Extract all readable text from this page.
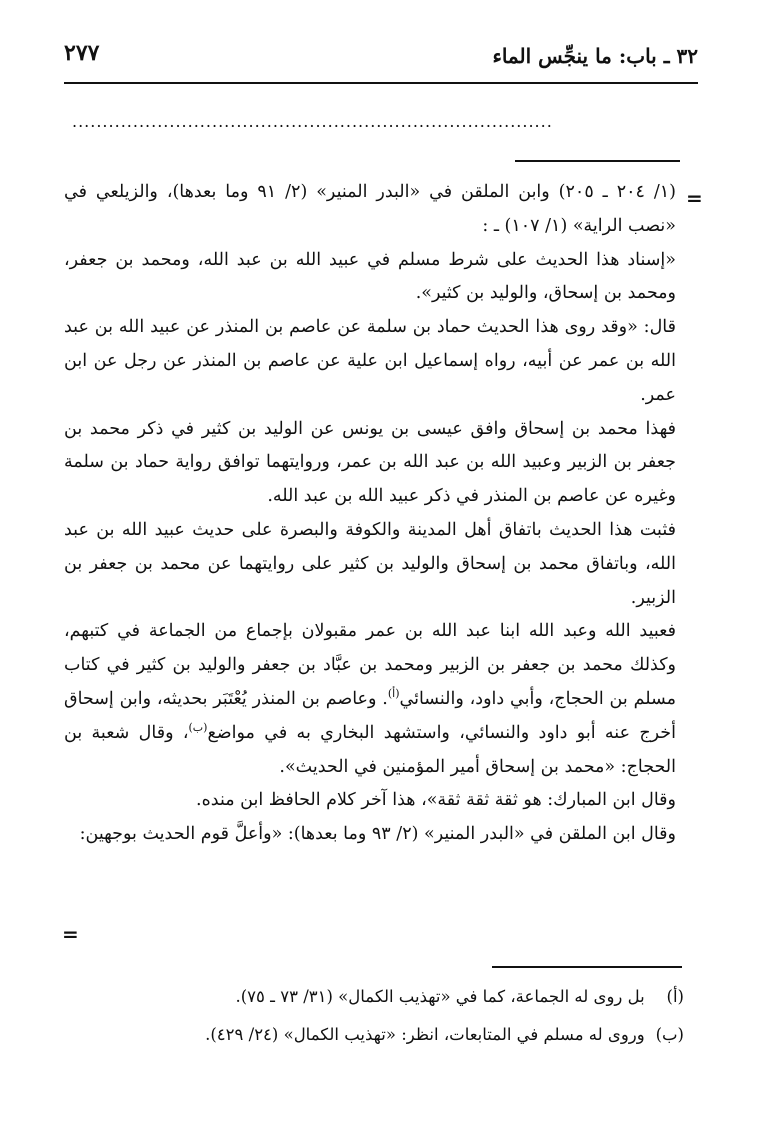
٣٢ ـ باب: ما ينجِّس الماء
٢٧٧
...............................................................................
=
=

(١/ ٢٠٤ ـ ٢٠٥) وابن الملقن في «البدر المنير» (٢/ ٩١ وما بعدها)، والزيلعي في «نصب الراية» (١/ ١٠٧) ـ :

«إسناد هذا الحديث على شرط مسلم في عبيد الله بن عبد الله، ومحمد بن جعفر، ومحمد بن إسحاق، والوليد بن كثير».

قال: «وقد روى هذا الحديث حماد بن سلمة عن عاصم بن المنذر عن عبيد الله بن عبد الله بن عمر عن أبيه، رواه إسماعيل ابن علية عن عاصم بن المنذر عن رجل عن ابن عمر.

فهذا محمد بن إسحاق وافق عيسى بن يونس عن الوليد بن كثير في ذكر محمد بن جعفر بن الزبير وعبيد الله بن عبد الله بن عمر، وروايتهما توافق رواية حماد بن سلمة وغيره عن عاصم بن المنذر في ذكر عبيد الله بن عبد الله.

فثبت هذا الحديث باتفاق أهل المدينة والكوفة والبصرة على حديث عبيد الله بن عبد الله، وباتفاق محمد بن إسحاق والوليد بن كثير على روايتهما عن محمد بن جعفر بن الزبير.

فعبيد الله وعبد الله ابنا عبد الله بن عمر مقبولان بإجماع من الجماعة في كتبهم، وكذلك محمد بن جعفر بن الزبير ومحمد بن عبَّاد بن جعفر والوليد بن كثير في كتاب مسلم بن الحجاج، وأبي داود، والنسائي$^{(أ)}$. وعاصم بن المنذر يُعْتَبَر بحديثه، وابن إسحاق أخرج عنه أبو داود والنسائي، واستشهد البخاري به في مواضع$^{(ب)}$، وقال شعبة بن الحجاج: «محمد بن إسحاق أمير المؤمنين في الحديث».

وقال ابن المبارك: هو ثقة ثقة ثقة»، هذا آخر كلام الحافظ ابن منده.

وقال ابن الملقن في «البدر المنير» (٢/ ٩٣ وما بعدها): «وأعلَّ قوم الحديث بوجهين:

(أ) بل روى له الجماعة، كما في «تهذيب الكمال» (٣١/ ٧٣ ـ ٧٥).

(ب) وروى له مسلم في المتابعات، انظر: «تهذيب الكمال» (٢٤/ ٤٢٩).
